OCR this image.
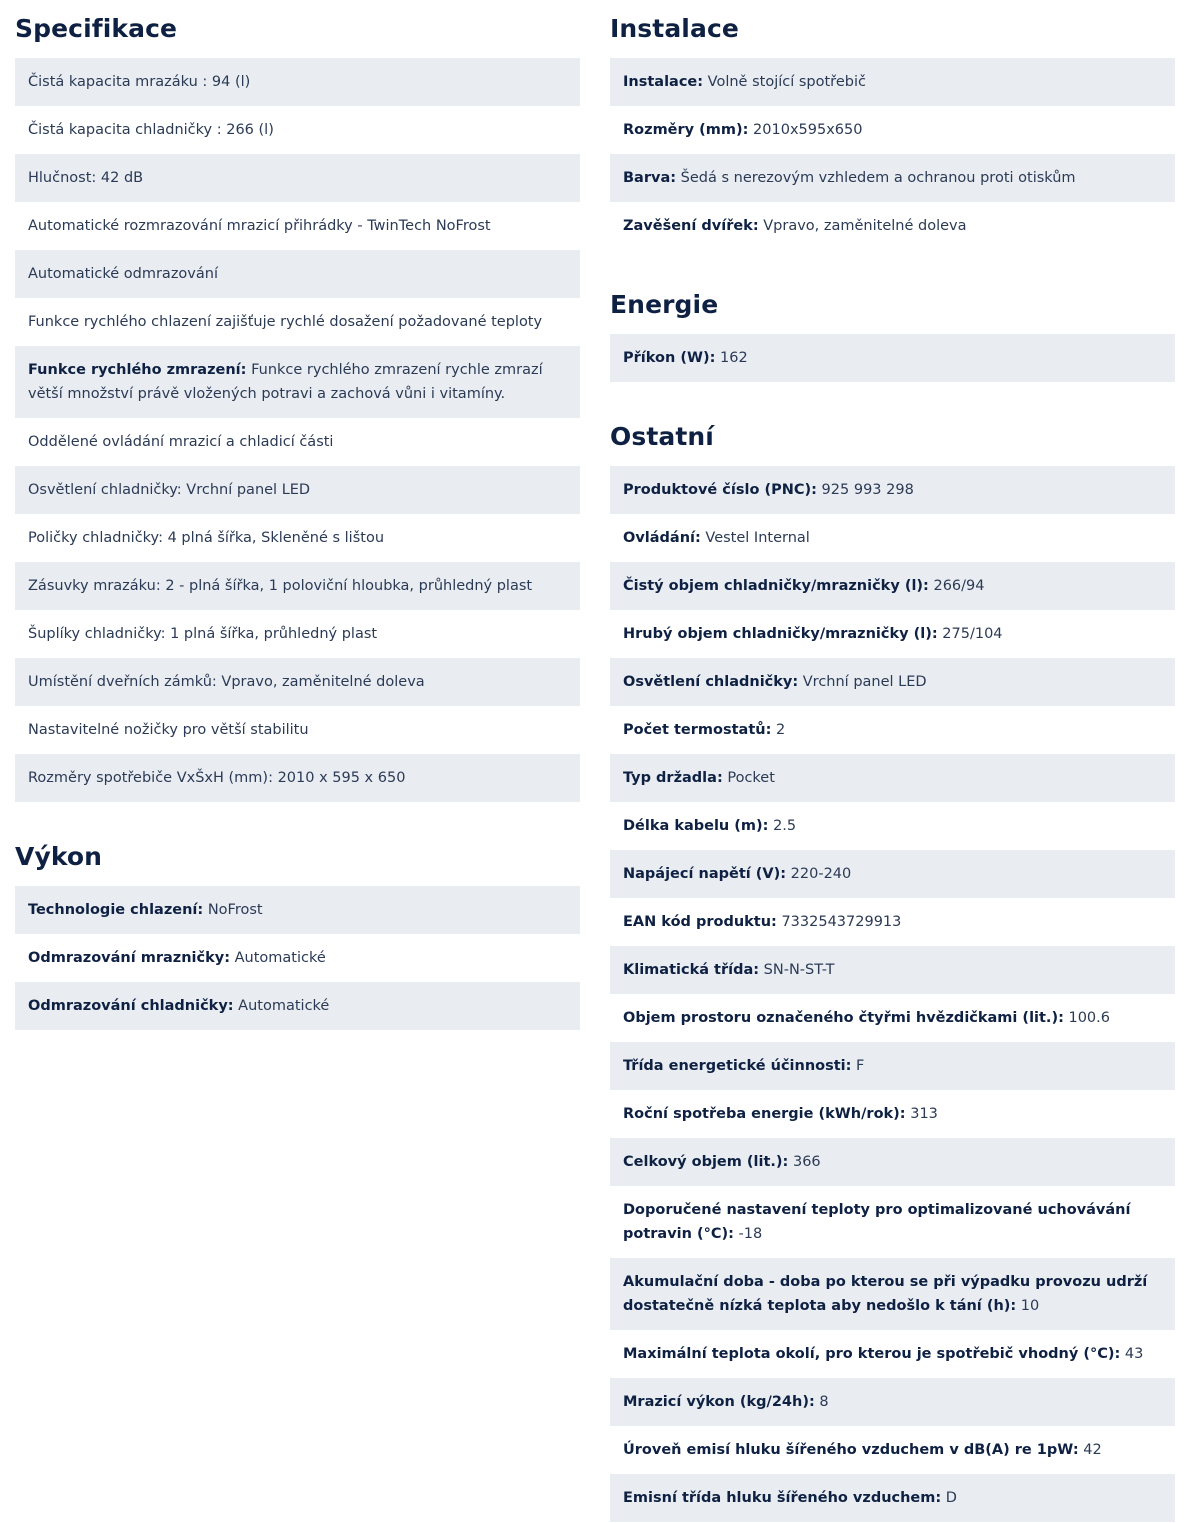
Specifikace
Čistá kapacita mrazáku : 94 (l)
Čistá kapacita chladničky : 266 (l)
Hlučnost: 42 dB
Automatické rozmrazování mrazicí přihrádky - TwinTech NoFrost
Automatické odmrazování
Funkce rychlého chlazení zajišťuje rychlé dosažení požadované teploty
Funkce rychlého zmrazení: Funkce rychlého zmrazení rychle zmrazí větší množství právě vložených potravi a zachová vůni i vitamíny.
Oddělené ovládání mrazicí a chladicí části
Osvětlení chladničky: Vrchní panel LED
Poličky chladničky: 4 plná šířka, Skleněné s lištou
Zásuvky mrazáku: 2 - plná šířka, 1 poloviční hloubka, průhledný plast
Šuplíky chladničky: 1 plná šířka, průhledný plast
Umístění dveřních zámků: Vpravo, zaměnitelné doleva
Nastavitelné nožičky pro větší stabilitu
Rozměry spotřebiče VxŠxH (mm): 2010 x 595 x 650
Výkon
Technologie chlazení: NoFrost
Odmrazování mrazničky: Automatické
Odmrazování chladničky: Automatické
Instalace
Instalace: Volně stojící spotřebič
Rozměry (mm): 2010x595x650
Barva: Šedá s nerezovým vzhledem a ochranou proti otiskům
Zavěšení dvířek: Vpravo, zaměnitelné doleva
Energie
Příkon (W): 162
Ostatní
Produktové číslo (PNC): 925 993 298
Ovládání: Vestel Internal
Čistý objem chladničky/mrazničky (l): 266/94
Hrubý objem chladničky/mrazničky (l): 275/104
Osvětlení chladničky: Vrchní panel LED
Počet termostatů: 2
Typ držadla: Pocket
Délka kabelu (m): 2.5
Napájecí napětí (V): 220-240
EAN kód produktu: 7332543729913
Klimatická třída: SN-N-ST-T
Objem prostoru označeného čtyřmi hvězdičkami (lit.): 100.6
Třída energetické účinnosti: F
Roční spotřeba energie (kWh/rok): 313
Celkový objem (lit.): 366
Doporučené nastavení teploty pro optimalizované uchovávání potravin (°C): -18
Akumulační doba - doba po kterou se při výpadku provozu udrží dostatečně nízká teplota aby nedošlo k tání (h): 10
Maximální teplota okolí, pro kterou je spotřebič vhodný (°C): 43
Mrazicí výkon (kg/24h): 8
Úroveň emisí hluku šířeného vzduchem v dB(A) re 1pW: 42
Emisní třída hluku šířeného vzduchem: D
